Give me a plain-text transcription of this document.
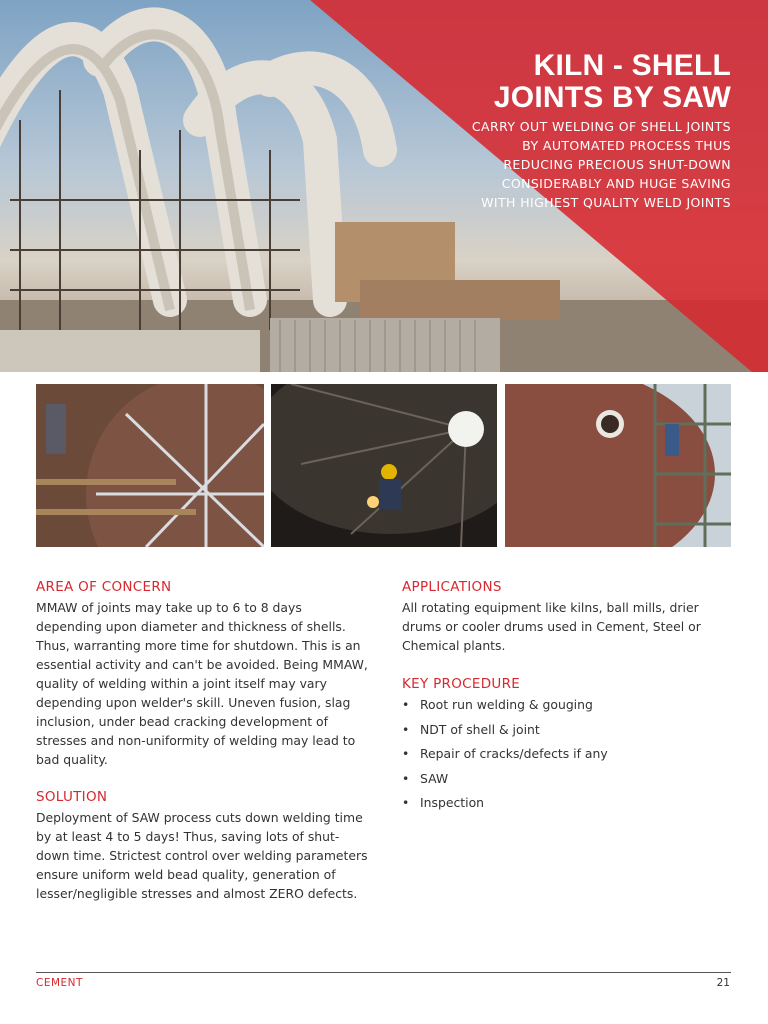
KILN - SHELL
JOINTS BY SAW

CARRY OUT WELDING OF SHELL JOINTS
BY AUTOMATED PROCESS THUS
REDUCING PRECIOUS SHUT-DOWN
CONSIDERABLY AND HUGE SAVING
WITH HIGHEST QUALITY WELD JOINTS

AREA OF CONCERN

MMAW of joints may take up to 6 to 8 days depending upon diameter and thickness of shells. Thus, warranting more time for shutdown. This is an essential activity and can't be avoided. Being MMAW, quality of welding within a joint itself may vary depending upon welder's skill. Uneven fusion, slag inclusion, under bead cracking development of stresses and non-uniformity of welding may lead to bad quality.

SOLUTION

Deployment of SAW process cuts down welding time by at least 4 to 5 days! Thus, saving lots of shut-down time. Strictest control over welding parameters ensure uniform weld bead quality, generation of lesser/negligible stresses and almost ZERO defects.

APPLICATIONS

All rotating equipment like kilns, ball mills, drier drums or cooler drums used in Cement, Steel or Chemical plants.

KEY PROCEDURE
• Root run welding & gouging
• NDT of shell & joint
• Repair of cracks/defects if any
• SAW
• Inspection
CEMENT	21
